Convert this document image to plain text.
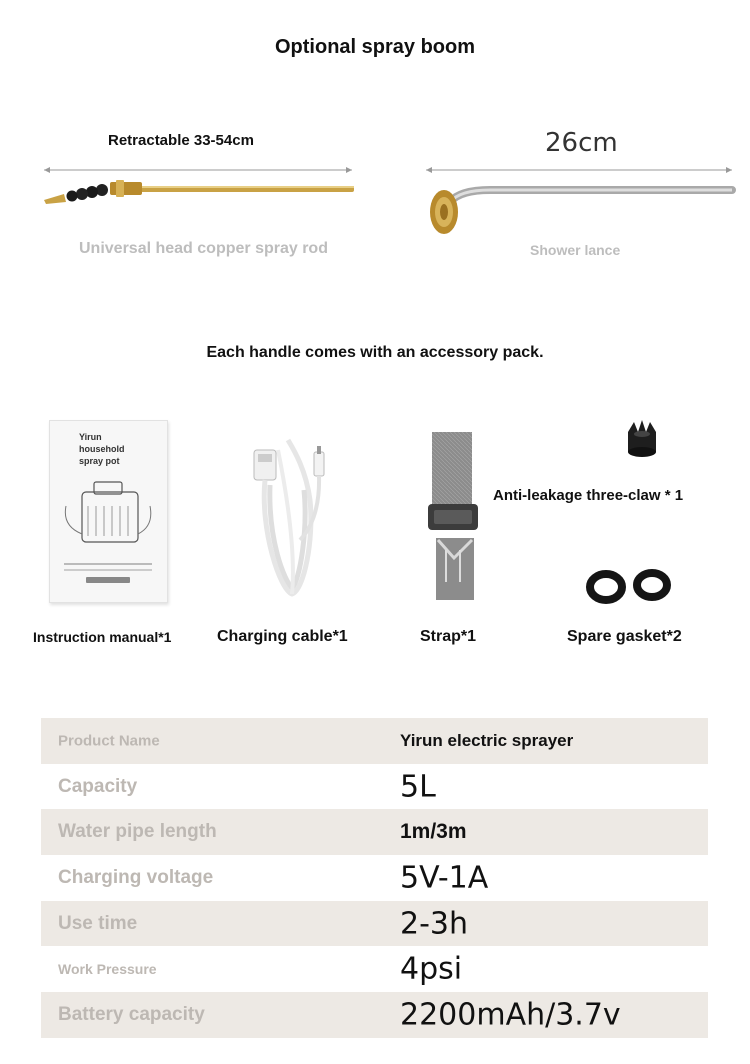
Optional spray boom
Retractable 33-54cm
Universal head copper spray rod
26cm
Shower lance
Each handle comes with an accessory pack.
Yirun
household
spray pot
Anti-leakage three-claw * 1
Instruction manual*1	Charging cable*1	Strap*1	Spare gasket*2
Product Name	Yirun electric sprayer
Capacity	5L
Water pipe length	1m/3m
Charging voltage	5V-1A
Use time	2-3h
Work Pressure	4psi
Battery capacity	2200mAh/3.7v
